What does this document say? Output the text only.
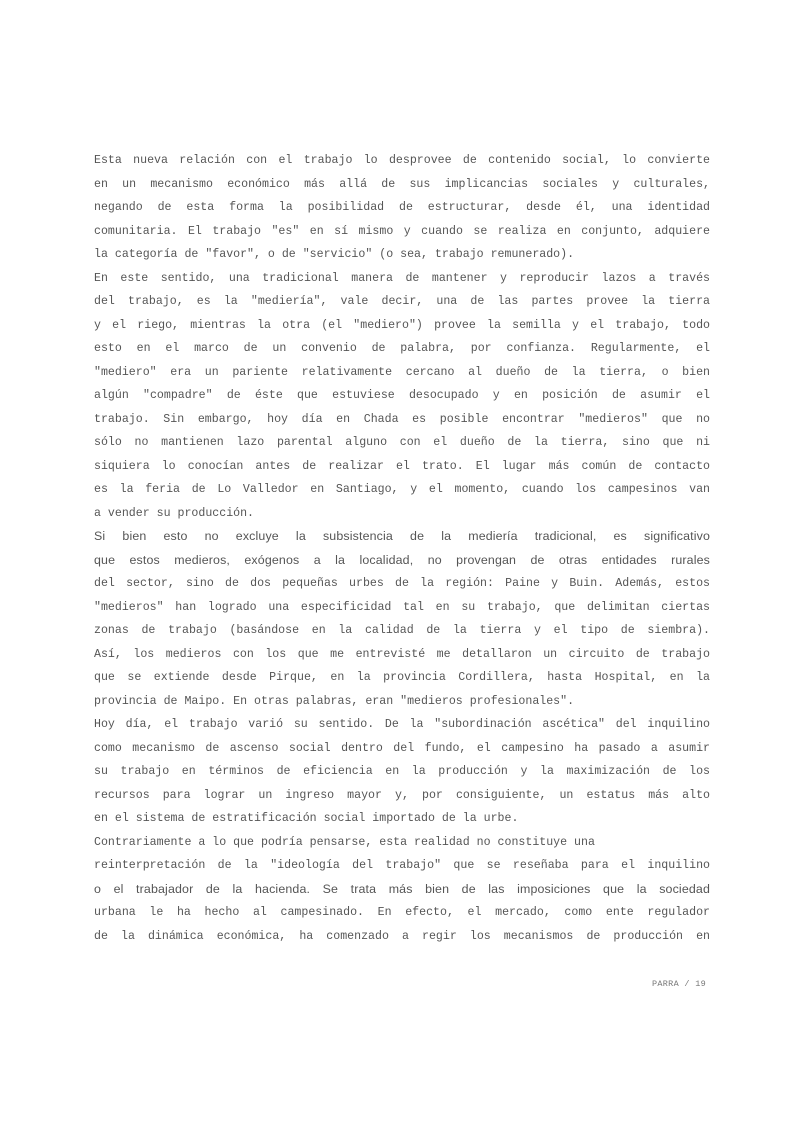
Esta nueva relación con el trabajo lo desprovee de contenido social, lo convierte
en un mecanismo económico más allá de sus implicancias sociales y culturales,
negando de esta forma la posibilidad de estructurar, desde él, una identidad
comunitaria. El trabajo "es" en sí mismo y cuando se realiza en conjunto, adquiere
la categoría de "favor", o de "servicio" (o sea, trabajo remunerado).
En este sentido, una tradicional manera de mantener y reproducir lazos a través
del trabajo, es la "mediería", vale decir, una de las partes provee la tierra
y el riego, mientras la otra (el "mediero") provee la semilla y el trabajo, todo
esto en el marco de un convenio de palabra, por confianza. Regularmente, el
"mediero" era un pariente relativamente cercano al dueño de la tierra, o bien
algún "compadre" de éste que estuviese desocupado y en posición de asumir el
trabajo. Sin embargo, hoy día en Chada es posible encontrar "medieros" que no
sólo no mantienen lazo parental alguno con el dueño de la tierra, sino que ni
siquiera lo conocían antes de realizar el trato. El lugar más común de contacto
es la feria de Lo Valledor en Santiago, y el momento, cuando los campesinos van
a vender su producción.
Si bien esto no excluye la subsistencia de la mediería tradicional, es significativo
que estos medieros, exógenos a la localidad, no provengan de otras entidades rurales
del sector, sino de dos pequeñas urbes de la región: Paine y Buin. Además, estos
"medieros" han logrado una especificidad tal en su trabajo, que delimitan ciertas
zonas de trabajo (basándose en la calidad de la tierra y el tipo de siembra).
Así, los medieros con los que me entrevisté me detallaron un circuito de trabajo
que se extiende desde Pirque, en la provincia Cordillera, hasta Hospital, en la
provincia de Maipo. En otras palabras, eran "medieros profesionales".
Hoy día, el trabajo varió su sentido. De la "subordinación ascética" del inquilino
como mecanismo de ascenso social dentro del fundo, el campesino ha pasado a asumir
su trabajo en términos de eficiencia en la producción y la maximización de los
recursos para lograr un ingreso mayor y, por consiguiente, un estatus más alto
en el sistema de estratificación social importado de la urbe.
Contrariamente a lo que podría pensarse, esta realidad no constituye una
reinterpretación de la "ideología del trabajo" que se reseñaba para el inquilino
o el trabajador de la hacienda. Se trata más bien de las imposiciones que la sociedad
urbana le ha hecho al campesinado. En efecto, el mercado, como ente regulador
de la dinámica económica, ha comenzado a regir los mecanismos de producción en
PARRA / 19
